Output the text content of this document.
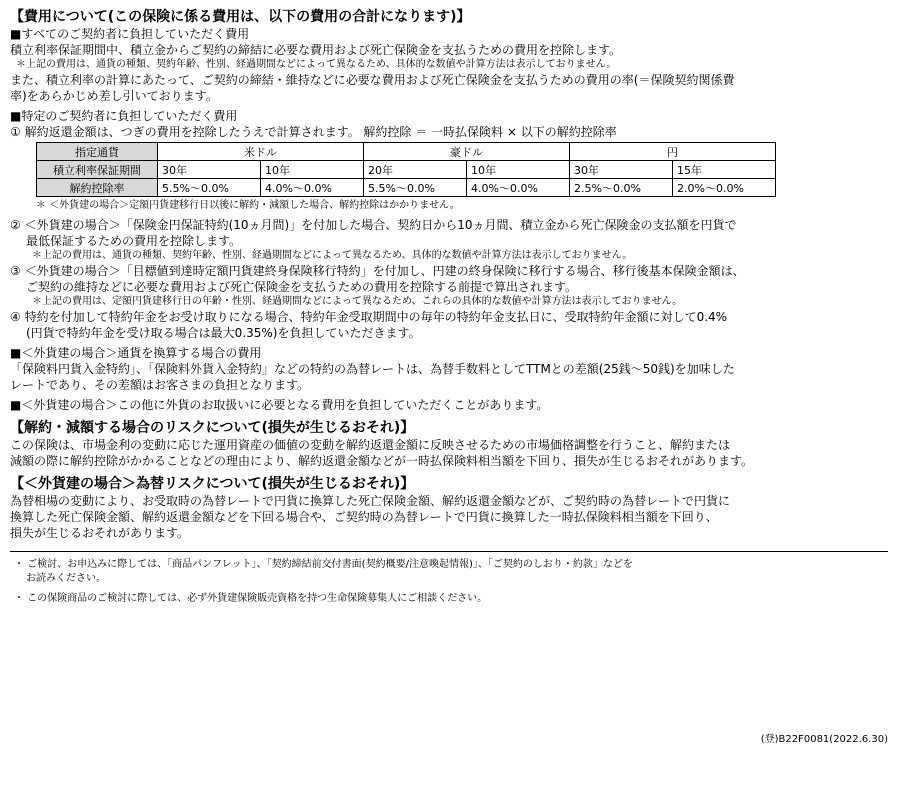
【費用について(この保険に係る費用は、以下の費用の合計になります)】

■すべてのご契約者に負担していただく費用

積立利率保証期間中、積立金からご契約の締結に必要な費用および死亡保険金を支払うための費用を控除します。

＊上記の費用は、通貨の種類、契約年齢、性別、経過期間などによって異なるため、具体的な数値や計算方法は表示しておりません。

また、積立利率の計算にあたって、ご契約の締結・維持などに必要な費用および死亡保険金を支払うための費用の率(＝保険契約関係費

率)をあらかじめ差し引いております。

■特定のご契約者に負担していただく費用

① 解約返還金額は、つぎの費用を控除したうえで計算されます。 解約控除 ＝ 一時払保険料 × 以下の解約控除率

指定通貨	米ドル		豪ドル		円	
積立利率保証期間	30年	10年	20年	10年	30年	15年
解約控除率	5.5%～0.0%	4.0%～0.0%	5.5%～0.0%	4.0%～0.0%	2.5%～0.0%	2.0%～0.0%

＊ ＜外貨建の場合＞定額円貨建移行日以後に解約・減額した場合、解約控除はかかりません。

② ＜外貨建の場合＞「保険金円保証特約(10ヵ月間)」を付加した場合、契約日から10ヵ月間、積立金から死亡保険金の支払額を円貨で

最低保証するための費用を控除します。

＊上記の費用は、通貨の種類、契約年齢、性別、経過期間などによって異なるため、具体的な数値や計算方法は表示しておりません。

③ ＜外貨建の場合＞「目標値到達時定額円貨建終身保険移行特約」を付加し、円建の終身保険に移行する場合、移行後基本保険金額は、

ご契約の維持などに必要な費用および死亡保険金を支払うための費用を控除する前提で算出されます。

＊上記の費用は、定額円貨建移行日の年齢・性別、経過期間などによって異なるため、これらの具体的な数値や計算方法は表示しておりません。

④ 特約を付加して特約年金をお受け取りになる場合、特約年金受取期間中の毎年の特約年金支払日に、受取特約年金額に対して0.4%

(円貨で特約年金を受け取る場合は最大0.35%)を負担していただきます。

■＜外貨建の場合＞通貨を換算する場合の費用

「保険料円貨入金特約」、「保険料外貨入金特約」などの特約の為替レートは、為替手数料としてTTMとの差額(25銭～50銭)を加味した

レートであり、その差額はお客さまの負担となります。

■＜外貨建の場合＞この他に外貨のお取扱いに必要となる費用を負担していただくことがあります。

【解約・減額する場合のリスクについて(損失が生じるおそれ)】

この保険は、市場金利の変動に応じた運用資産の価値の変動を解約返還金額に反映させるための市場価格調整を行うこと、解約または

減額の際に解約控除がかかることなどの理由により、解約返還金額などが一時払保険料相当額を下回り、損失が生じるおそれがあります。

【＜外貨建の場合＞為替リスクについて(損失が生じるおそれ)】

為替相場の変動により、お受取時の為替レートで円貨に換算した死亡保険金額、解約返還金額などが、ご契約時の為替レートで円貨に

換算した死亡保険金額、解約返還金額などを下回る場合や、ご契約時の為替レートで円貨に換算した一時払保険料相当額を下回り、

損失が生じるおそれがあります。

・ ご検討、お申込みに際しては、「商品パンフレット」、「契約締結前交付書面(契約概要/注意喚起情報)」、「ご契約のしおり・約款」などを

お読みください。

・ この保険商品のご検討に際しては、必ず外貨建保険販売資格を持つ生命保険募集人にご相談ください。

(登)B22F0081(2022.6.30)
